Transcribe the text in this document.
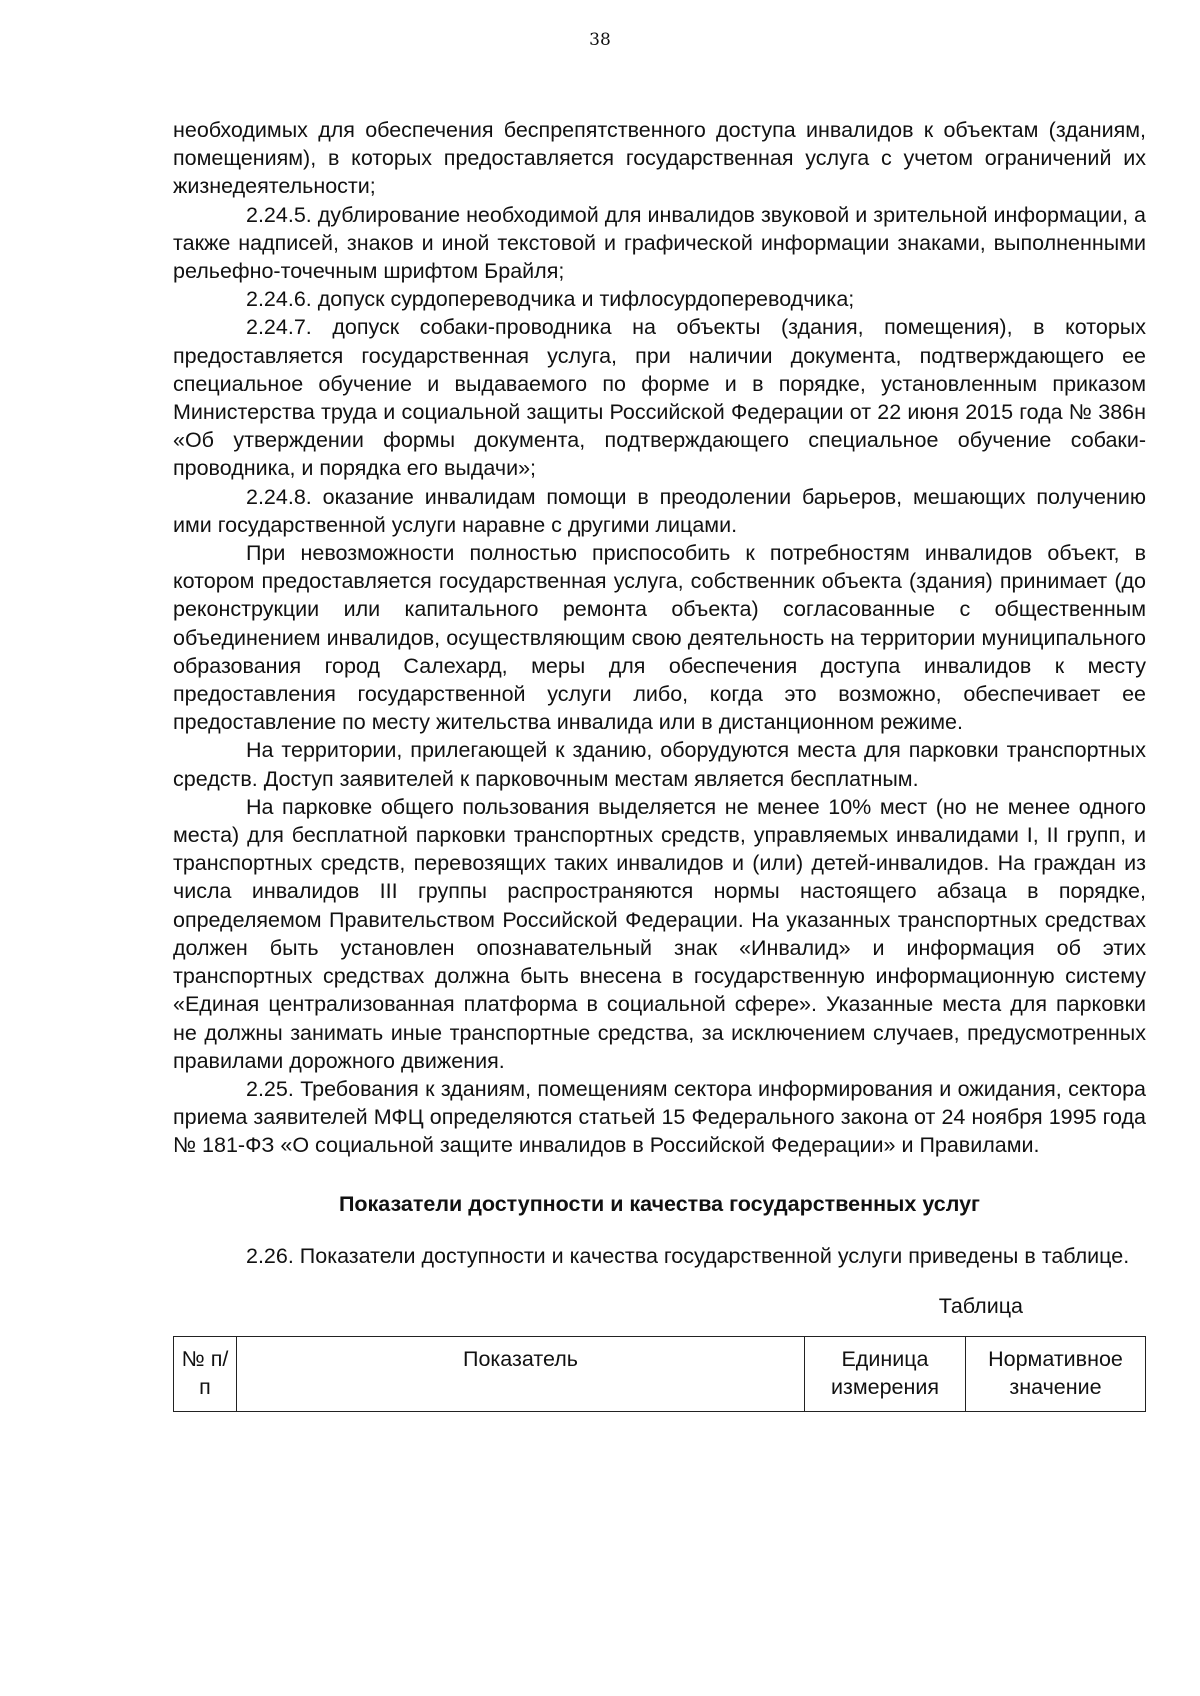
38

необходимых для обеспечения беспрепятственного доступа инвалидов к объектам (зданиям, помещениям), в которых предоставляется государственная услуга с учетом ограничений их жизнедеятельности;

2.24.5. дублирование необходимой для инвалидов звуковой и зрительной информации, а также надписей, знаков и иной текстовой и графической информации знаками, выполненными рельефно-точечным шрифтом Брайля;

2.24.6. допуск сурдопереводчика и тифлосурдопереводчика;

2.24.7. допуск собаки-проводника на объекты (здания, помещения), в которых предоставляется государственная услуга, при наличии документа, подтверждающего ее специальное обучение и выдаваемого по форме и в порядке, установленным приказом Министерства труда и социальной защиты Российской Федерации от 22 июня 2015 года № 386н «Об утверждении формы документа, подтверждающего специальное обучение собаки-проводника, и порядка его выдачи»;

2.24.8. оказание инвалидам помощи в преодолении барьеров, мешающих получению ими государственной услуги наравне с другими лицами.

При невозможности полностью приспособить к потребностям инвалидов объект, в котором предоставляется государственная услуга, собственник объекта (здания) принимает (до реконструкции или капитального ремонта объекта) согласованные с общественным объединением инвалидов, осуществляющим свою деятельность на территории муниципального образования город Салехард, меры для обеспечения доступа инвалидов к месту предоставления государственной услуги либо, когда это возможно, обеспечивает ее предоставление по месту жительства инвалида или в дистанционном режиме.

На территории, прилегающей к зданию, оборудуются места для парковки транспортных средств. Доступ заявителей к парковочным местам является бесплатным.

На парковке общего пользования выделяется не менее 10% мест (но не менее одного места) для бесплатной парковки транспортных средств, управляемых инвалидами I, II групп, и транспортных средств, перевозящих таких инвалидов и (или) детей-инвалидов. На граждан из числа инвалидов III группы распространяются нормы настоящего абзаца в порядке, определяемом Правительством Российской Федерации. На указанных транспортных средствах должен быть установлен опознавательный знак «Инвалид» и информация об этих транспортных средствах должна быть внесена в государственную информационную систему «Единая централизованная платформа в социальной сфере». Указанные места для парковки не должны занимать иные транспортные средства, за исключением случаев, предусмотренных правилами дорожного движения.

2.25. Требования к зданиям, помещениям сектора информирования и ожидания, сектора приема заявителей МФЦ определяются статьей 15 Федерального закона от 24 ноября 1995 года № 181-ФЗ «О социальной защите инвалидов в Российской Федерации» и Правилами.

Показатели доступности и качества государственных услуг

2.26. Показатели доступности и качества государственной услуги приведены в таблице.

Таблица
№ п/п	Показатель	Единица измерения	Нормативное значение
